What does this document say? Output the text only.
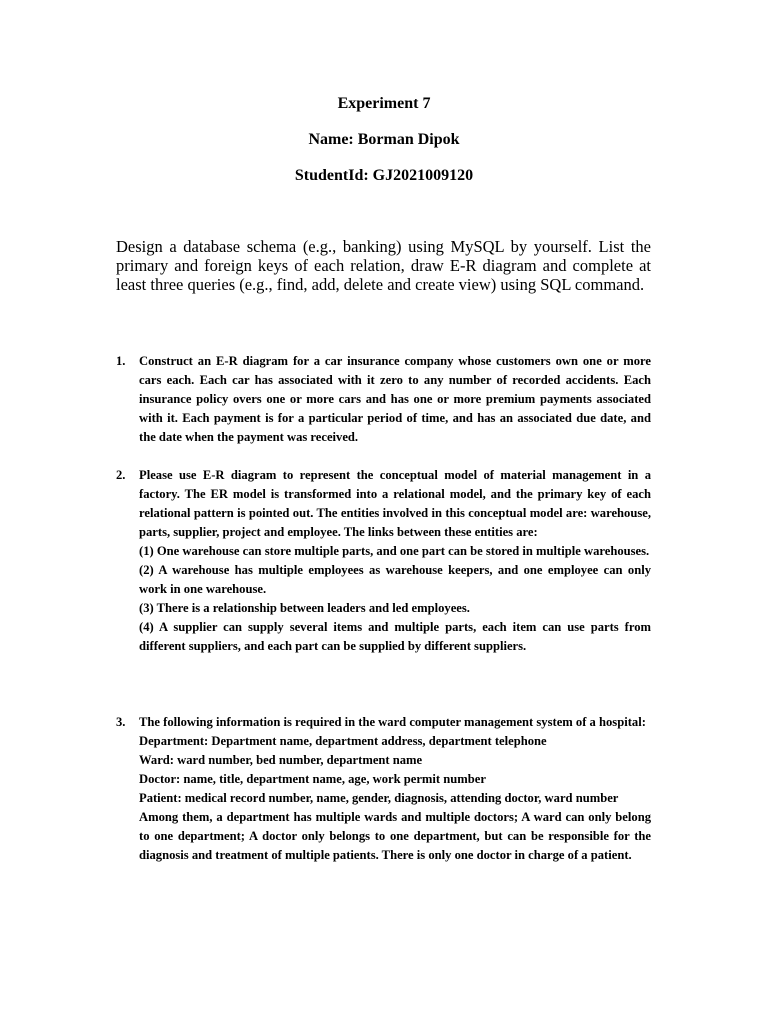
Experiment 7
Name: Borman Dipok
StudentId: GJ2021009120

Design a database schema (e.g., banking) using MySQL by yourself. List the primary and foreign keys of each relation, draw E-R diagram and complete at least three queries (e.g., find, add, delete and create view) using SQL command.

1.	Construct an E-R diagram for a car insurance company whose customers own one or more cars each. Each car has associated with it zero to any number of recorded accidents. Each insurance policy overs one or more cars and has one or more premium payments associated with it. Each payment is for a particular period of time, and has an associated due date, and the date when the payment was received.

2.	Please use E-R diagram to represent the conceptual model of material management in a factory. The ER model is transformed into a relational model, and the primary key of each relational pattern is pointed out. The entities involved in this conceptual model are: warehouse, parts, supplier, project and employee. The links between these entities are:

(1) One warehouse can store multiple parts, and one part can be stored in multiple warehouses.

(2) A warehouse has multiple employees as warehouse keepers, and one employee can only work in one warehouse.

(3) There is a relationship between leaders and led employees.

(4) A supplier can supply several items and multiple parts, each item can use parts from different suppliers, and each part can be supplied by different suppliers.

3.	The following information is required in the ward computer management system of a hospital:

Department: Department name, department address, department telephone

Ward: ward number, bed number, department name

Doctor: name, title, department name, age, work permit number

Patient: medical record number, name, gender, diagnosis, attending doctor, ward number

Among them, a department has multiple wards and multiple doctors; A ward can only belong to one department; A doctor only belongs to one department, but can be responsible for the diagnosis and treatment of multiple patients. There is only one doctor in charge of a patient.
